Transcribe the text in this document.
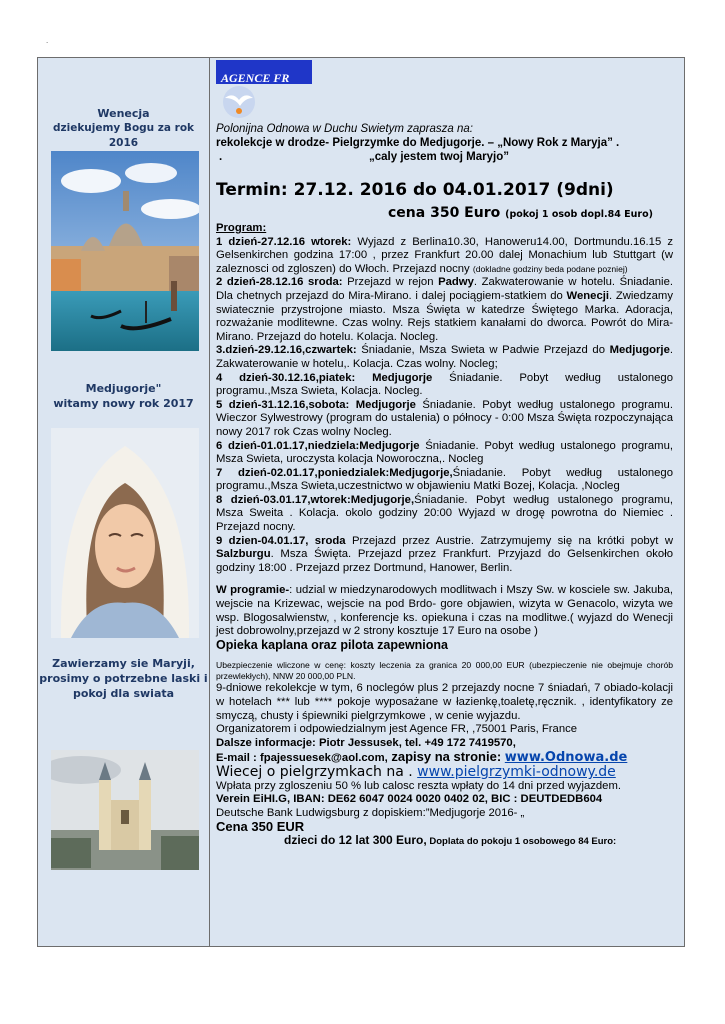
.
Wenecja
dziekujemy Bogu za rok 2016
Medjugorje"
witamy nowy rok 2017
Zawierzamy sie Maryji,
prosimy o potrzebne laski i
pokoj dla swiata
AGENCE FR
Polonijna Odnowa w Duchu Swietym zaprasza na:
rekolekcje w drodze- Pielgrzymke do Medjugorje. – „Nowy Rok z Maryja” .
.	„caly jestem twoj Maryjo”
Termin: 27.12. 2016 do 04.01.2017 (9dni)
cena 350 Euro (pokoj 1 osob dopl.84 Euro)

Program:

1 dzień-27.12.16 wtorek: Wyjazd z Berlina10.30, Hanoweru14.00, Dortmundu.16.15 z Gelsenkirchen godzina 17:00 , przez Frankfurt 20.00 dalej Monachium lub Stuttgart (w zaleznosci od zgloszen) do Włoch. Przejazd nocny (dokladne godziny beda podane pozniej)

2 dzień-28.12.16 sroda: Przejazd w rejon Padwy. Zakwaterowanie w hotelu. Śniadanie. Dla chetnych przejazd do Mira-Mirano. i dalej pociągiem-statkiem do Wenecji. Zwiedzamy swiatecznie przystrojone miasto. Msza Święta w katedrze Świętego Marka. Adoracja, rozważanie modlitewne. Czas wolny. Rejs statkiem kanałami do dworca. Powrót do Mira-Mirano. Przejazd do hotelu. Kolacja. Nocleg.

3.dzień-29.12.16,czwartek: Śniadanie, Msza Swieta w Padwie Przejazd do Medjugorje. Zakwaterowanie w hotelu,. Kolacja. Czas wolny. Nocleg;

4 dzień-30.12.16,piatek: Medjugorje Śniadanie. Pobyt według ustalonego programu.,Msza Swieta, Kolacja. Nocleg.

5 dzień-31.12.16,sobota: Medjugorje Śniadanie. Pobyt według ustalonego programu. Wieczor Sylwestrowy (program do ustalenia) o północy - 0:00 Msza Święta rozpoczynająca nowy 2017 rok Czas wolny Nocleg.

6 dzień-01.01.17,niedziela:Medjugorje Śniadanie. Pobyt według ustalonego programu, Msza Swieta, uroczysta kolacja Noworoczna,. Nocleg

7 dzień-02.01.17,poniedzialek:Medjugorje,Śniadanie. Pobyt według ustalonego programu.,Msza Swieta,uczestnictwo w objawieniu Matki Bozej, Kolacja. ,Nocleg

8 dzień-03.01.17,wtorek:Medjugorje,Śniadanie. Pobyt według ustalonego programu, Msza Sweita . Kolacja. okolo godziny 20:00 Wyjazd w drogę powrotna do Niemiec . Przejazd nocny.

9 dzien-04.01.17, sroda Przejazd przez Austrie. Zatrzymujemy się na krótki pobyt w Salzburgu. Msza Święta. Przejazd przez Frankfurt. Przyjazd do Gelsenkirchen około godziny 18:00 . Przejazd przez Dortmund, Hanower, Berlin.

W programie-: udzial w miedzynarodowych modlitwach i Mszy Sw. w kosciele sw. Jakuba, wejscie na Krizewac, wejscie na pod Brdo- gore objawien, wizyta w Genacolo, wizyta we wsp. Blogosalwienstw, , konferencje ks. opiekuna i czas na modlitwe.( wyjazd do Wenecji jest dobrowolny,przejazd w 2 strony kosztuje 17 Euro na osobe )

Opieka kaplana oraz pilota zapewniona

Ubezpieczenie wliczone w cenę: koszty leczenia za granica 20 000,00 EUR (ubezpieczenie nie obejmuje chorób przewlekłych), NNW 20 000,00 PLN.

9-dniowe rekolekcje w tym, 6 noclegów plus 2 przejazdy nocne 7 śniadań, 7 obiado-kolacji w hotelach *** lub **** pokoje wyposażane w łazienkę,toaletę,ręcznik. , identyfikatory ze smyczą, chusty i śpiewniki pielgrzymkowe , w cenie wyjazdu.

Organizatorem i odpowiedzialnym jest Agence FR, ,75001 Paris, France

Dalsze informacje: Piotr Jessusek, tel. +49 172 7419570,

E-mail : fpajessuesek@aol.com, zapisy na stronie: www.Odnowa.de

Wiecej o pielgrzymkach na . www.pielgrzymki-odnowy.de

Wpłata przy zgloszeniu 50 % lub calosc reszta wpłaty do 14 dni przed wyjazdem.

Verein EiHI.G, IBAN: DE62 6047 0024 0020 0402 02, BIC : DEUTDEDB604

Deutsche Bank Ludwigsburg z dopiskiem:”Medjugorje 2016- „

Cena 350 EUR

dzieci do 12 lat 300 Euro, Doplata do pokoju 1 osobowego 84 Euro:
